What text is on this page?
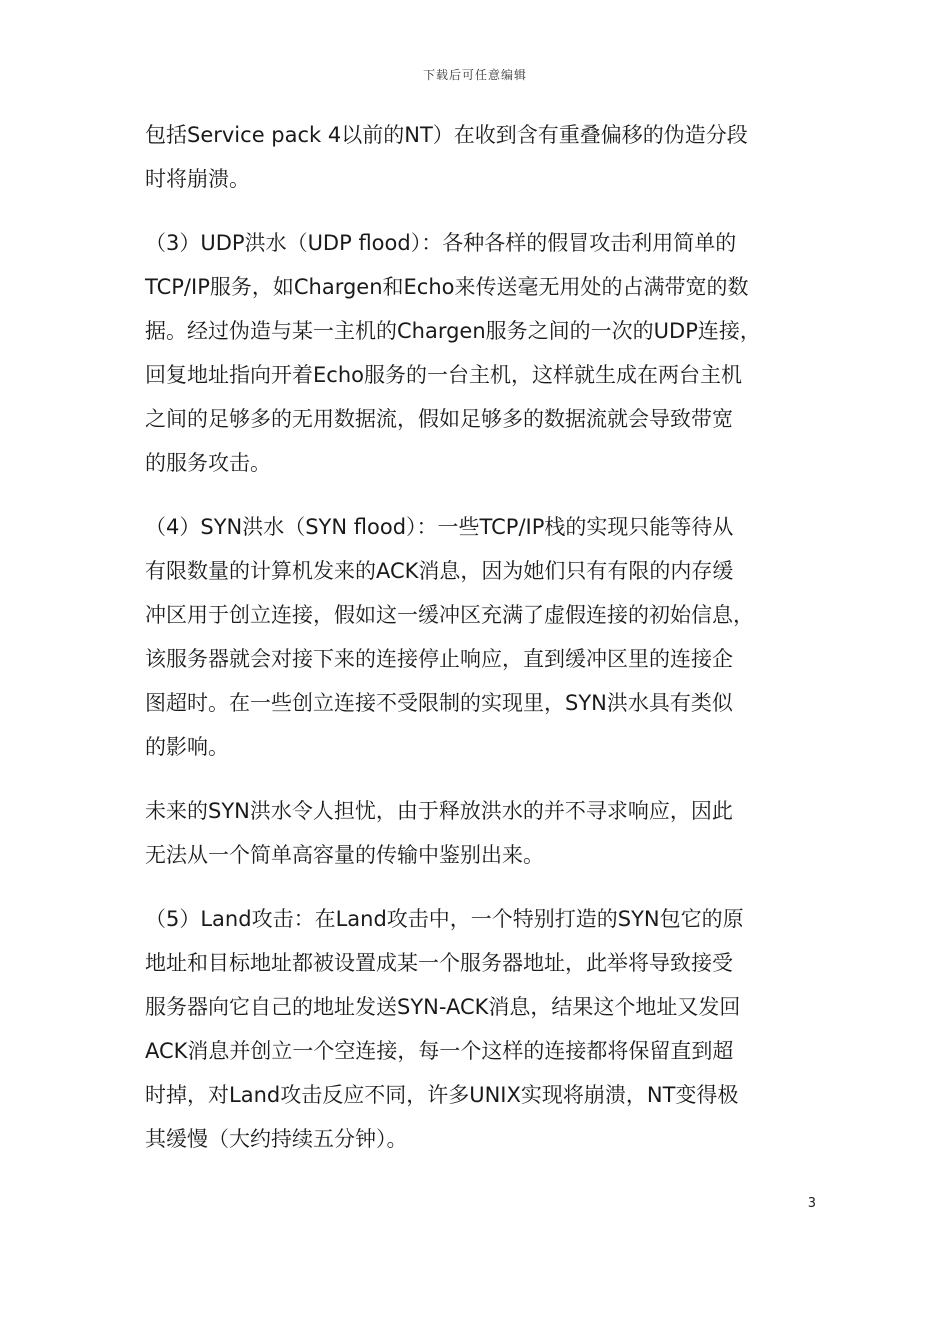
下载后可任意编辑

包括Service pack 4以前的NT）在收到含有重叠偏移的伪造分段
时将崩溃。

（3）UDP洪水（UDP flood）：各种各样的假冒攻击利用简单的
TCP/IP服务，如Chargen和Echo来传送毫无用处的占满带宽的数
据。经过伪造与某一主机的Chargen服务之间的一次的UDP连接，
回复地址指向开着Echo服务的一台主机，这样就生成在两台主机
之间的足够多的无用数据流，假如足够多的数据流就会导致带宽
的服务攻击。

（4）SYN洪水（SYN flood）：一些TCP/IP栈的实现只能等待从
有限数量的计算机发来的ACK消息，因为她们只有有限的内存缓
冲区用于创立连接，假如这一缓冲区充满了虚假连接的初始信息，
该服务器就会对接下来的连接停止响应，直到缓冲区里的连接企
图超时。在一些创立连接不受限制的实现里，SYN洪水具有类似
的影响。

未来的SYN洪水令人担忧，由于释放洪水的并不寻求响应，因此
无法从一个简单高容量的传输中鉴别出来。

（5）Land攻击：在Land攻击中，一个特别打造的SYN包它的原
地址和目标地址都被设置成某一个服务器地址，此举将导致接受
服务器向它自己的地址发送SYN-ACK消息，结果这个地址又发回
ACK消息并创立一个空连接，每一个这样的连接都将保留直到超
时掉，对Land攻击反应不同，许多UNIX实现将崩溃，NT变得极
其缓慢（大约持续五分钟）。

3
